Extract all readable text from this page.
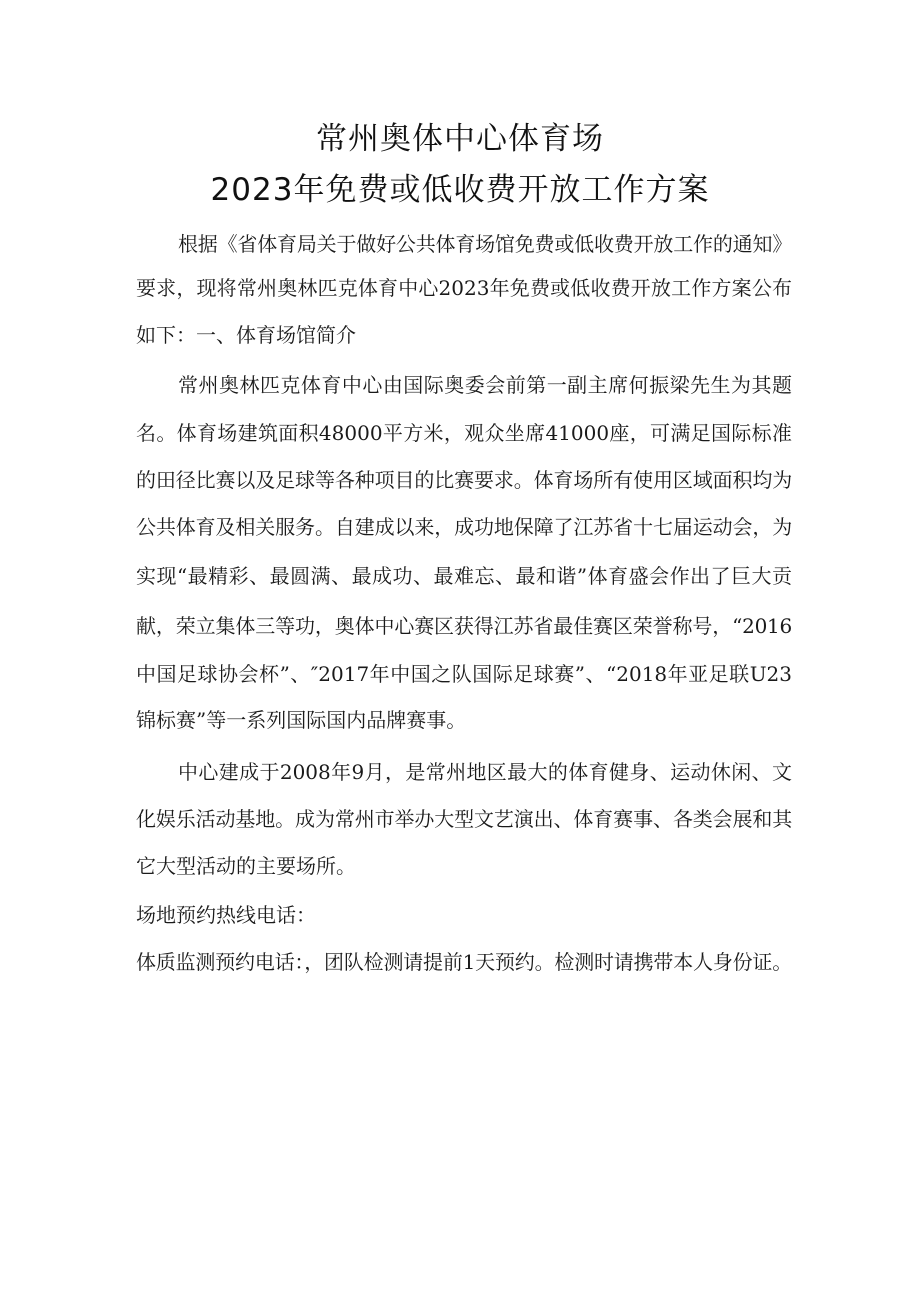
常州奥体中心体育场
2023年免费或低收费开放工作方案
根据《省体育局关于做好公共体育场馆免费或低收费开放工作的通知》
要求，现将常州奥林匹克体育中心2023年免费或低收费开放工作方案公布
如下：一、体育场馆简介
常州奥林匹克体育中心由国际奥委会前第一副主席何振梁先生为其题
名。体育场建筑面积48000平方米，观众坐席41000座，可满足国际标准
的田径比赛以及足球等各种项目的比赛要求。体育场所有使用区域面积均为
公共体育及相关服务。自建成以来，成功地保障了江苏省十七届运动会，为
实现“最精彩、最圆满、最成功、最难忘、最和谐”体育盛会作出了巨大贡
献，荣立集体三等功，奥体中心赛区获得江苏省最佳赛区荣誉称号，“2016
中国足球协会杯”、″2017年中国之队国际足球赛”、“2018年亚足联U23
锦标赛”等一系列国际国内品牌赛事。
中心建成于2008年9月，是常州地区最大的体育健身、运动休闲、文
化娱乐活动基地。成为常州市举办大型文艺演出、体育赛事、各类会展和其
它大型活动的主要场所。
场地预约热线电话：
体质监测预约电话：，团队检测请提前1天预约。检测时请携带本人身份证。
